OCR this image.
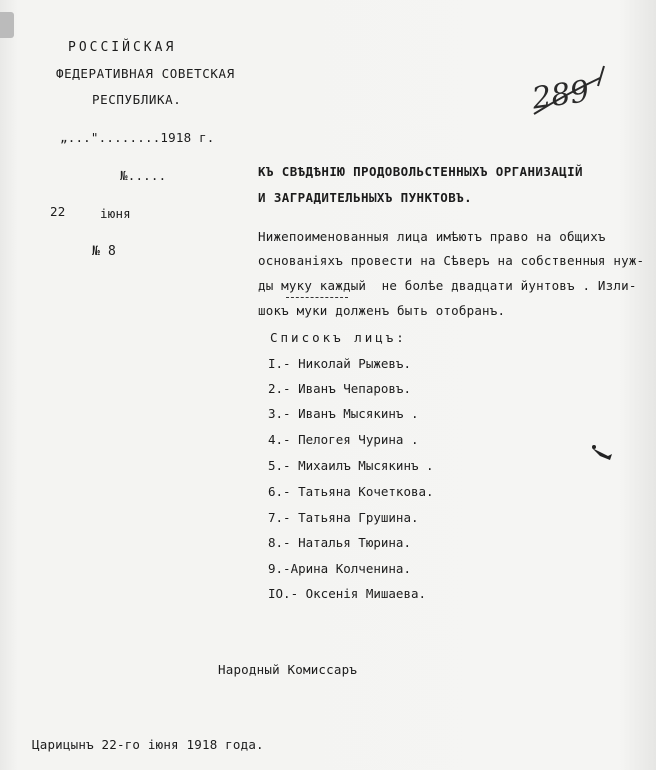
РОССІЙСКАЯ
ФЕДЕРАТИВНАЯ СОВЕТСКАЯ
РЕСПУБЛИКА.
„..."........1918 г.
№.....
22	іюня
№ 8
289
КЪ СВѢДѢНІЮ ПРОДОВОЛЬСТЕННЫХЪ ОРГАНИЗАЦІЙ
И ЗАГРАДИТЕЛЬНЫХЪ ПУНКТОВЪ.
Нижепоименованныя лица имѣютъ право на общихъ
основаніяхъ провести на Сѣверъ на собственныя нуж-
ды муку каждый  не болѣе двадцати йунтовъ . Изли-
шокъ муки долженъ быть отобранъ.
Списокъ лицъ:
I.- Николай Рыжевъ.
2.- Иванъ Чепаровъ.
3.- Иванъ Мысякинъ .
4.- Пелогея Чурина .
5.- Михаилъ Мысякинъ .
6.- Татьяна Кочеткова.
7.- Татьяна Грушина.
8.- Наталья Тюрина.
9.-Арина Колченина.
IO.- Оксенія Мишаева.
Народный Комиссаръ
Царицынъ 22-го іюня 1918 года.
